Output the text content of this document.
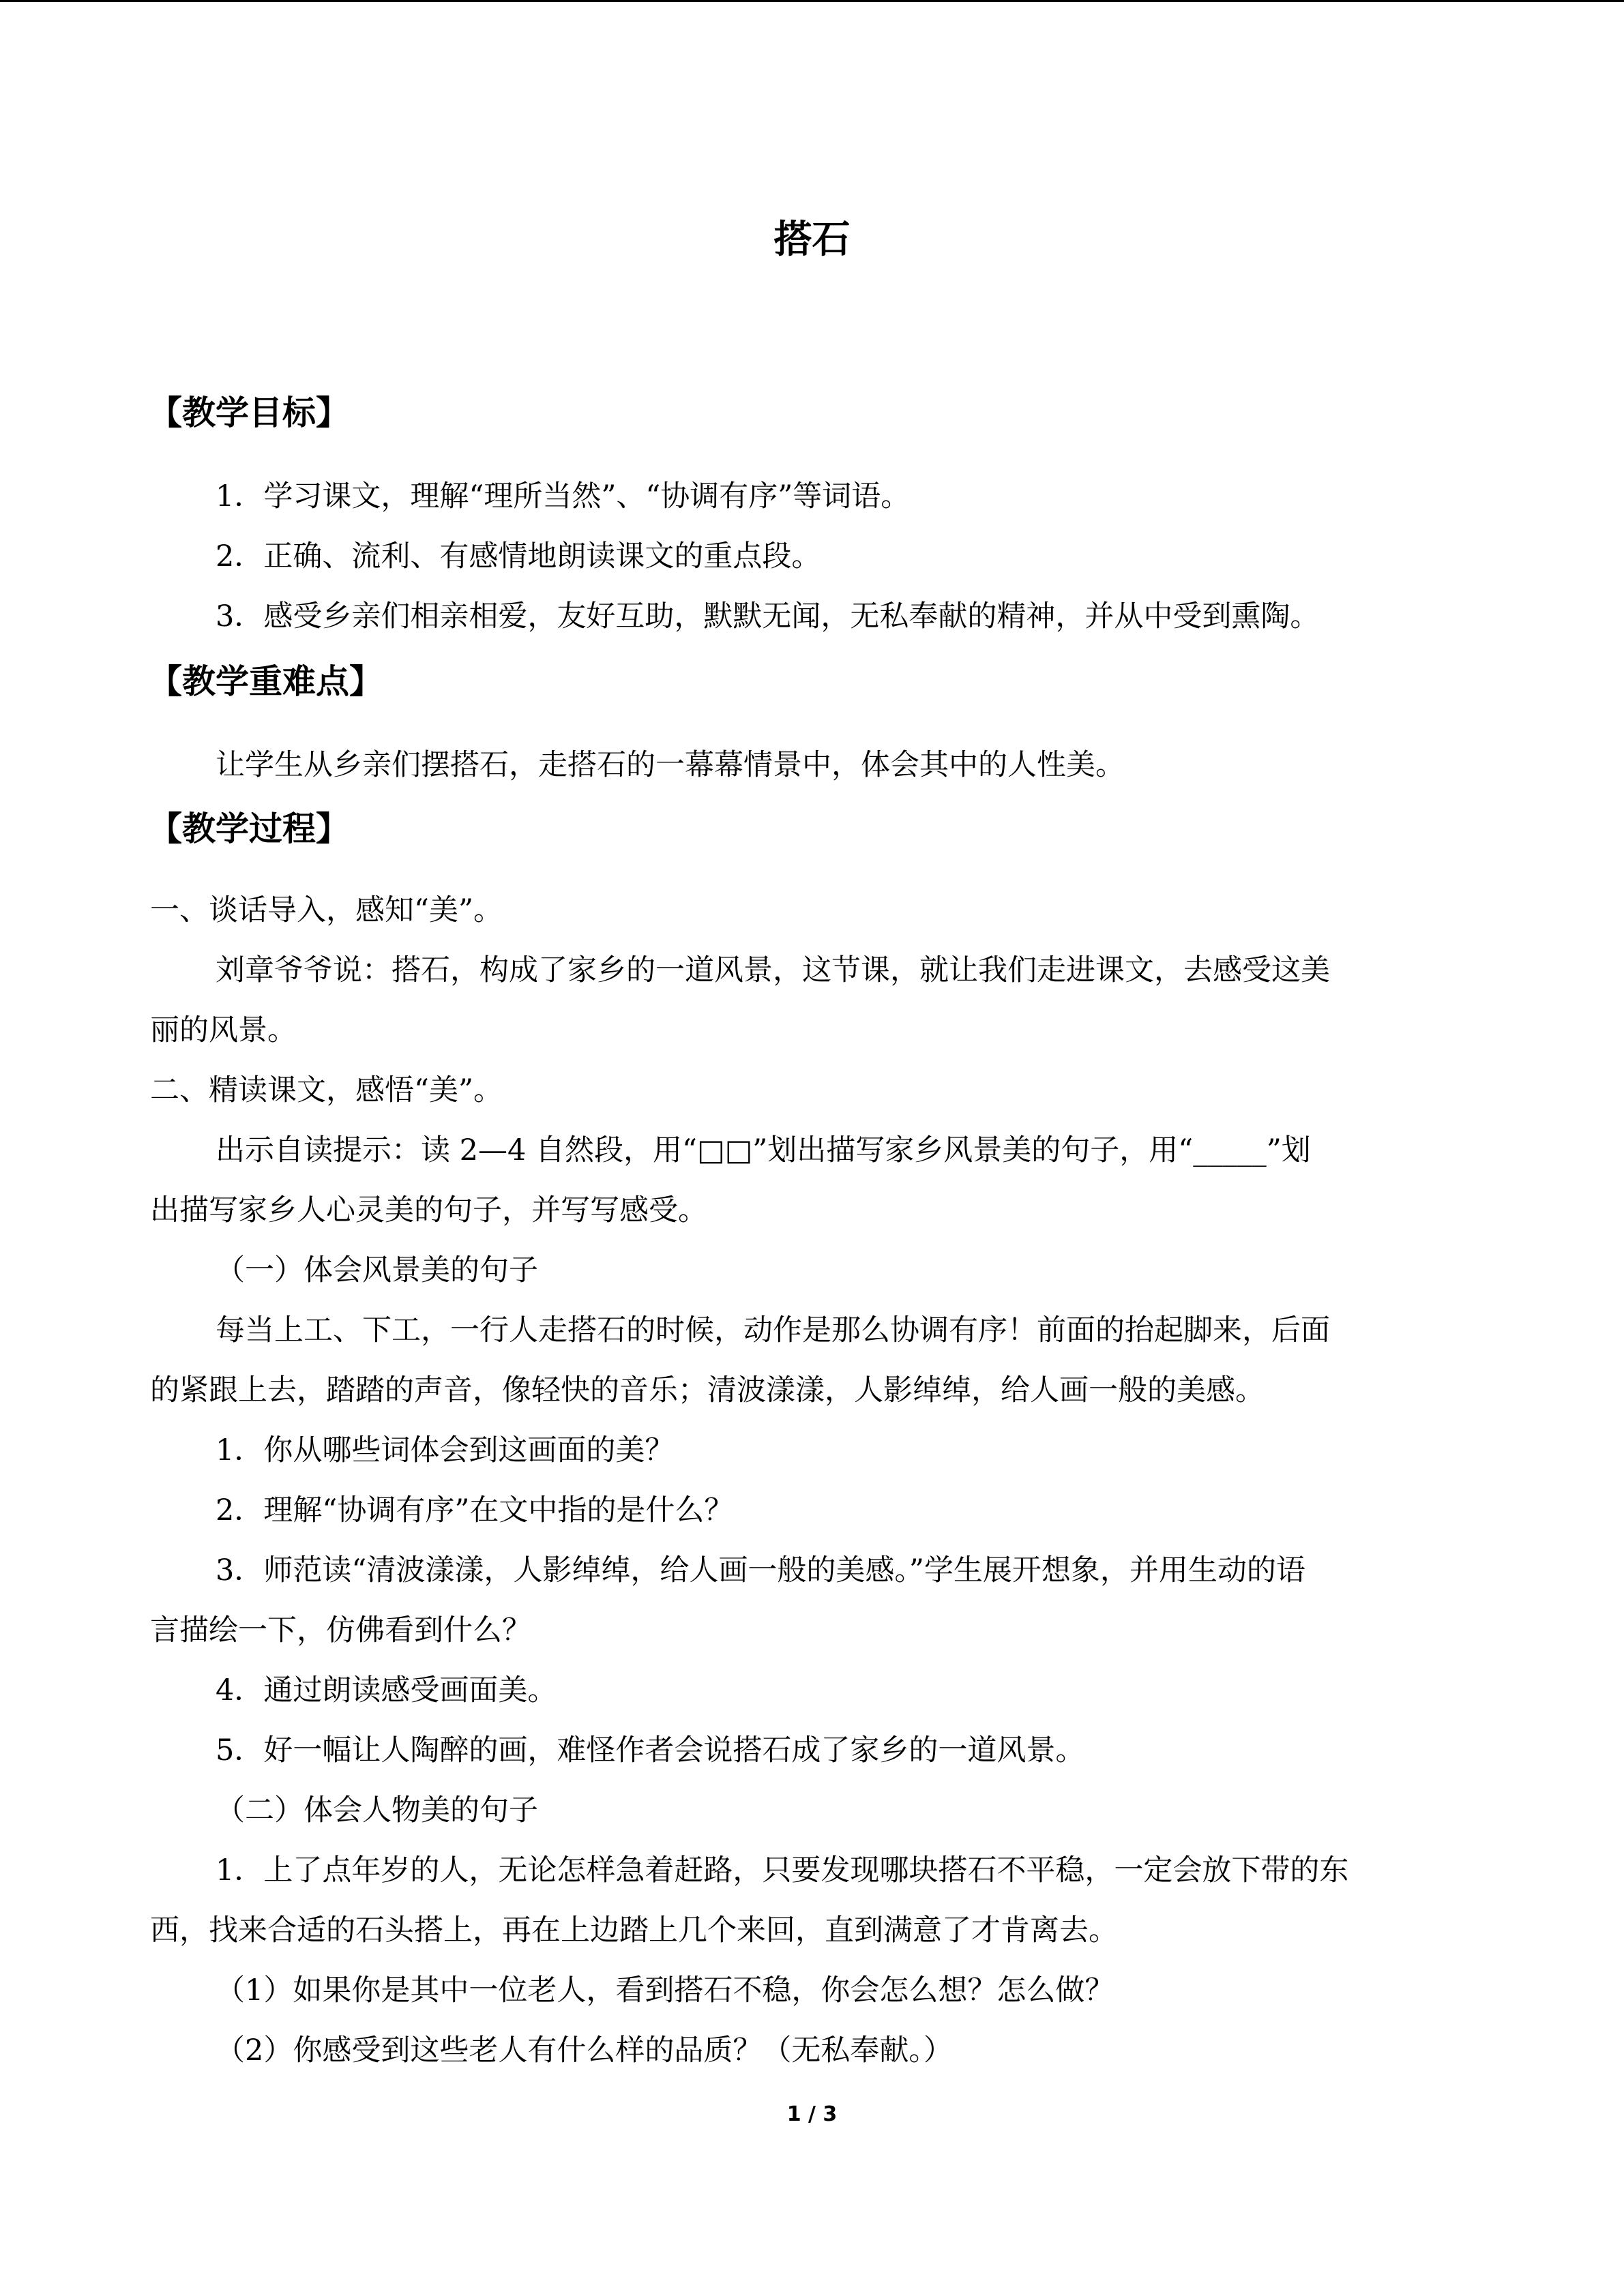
搭石
【教学目标】
1．学习课文，理解“理所当然”、“协调有序”等词语。
2．正确、流利、有感情地朗读课文的重点段。
3．感受乡亲们相亲相爱，友好互助，默默无闻，无私奉献的精神，并从中受到熏陶。
【教学重难点】
让学生从乡亲们摆搭石，走搭石的一幕幕情景中，体会其中的人性美。
【教学过程】
一、谈话导入，感知“美”。
刘章爷爷说：搭石，构成了家乡的一道风景，这节课，就让我们走进课文，去感受这美
丽的风景。
二、精读课文，感悟“美”。
出示自读提示：读 2—4 自然段，用“□□”划出描写家乡风景美的句子，用“_____”划
出描写家乡人心灵美的句子，并写写感受。
（一）体会风景美的句子
每当上工、下工，一行人走搭石的时候，动作是那么协调有序！前面的抬起脚来，后面
的紧跟上去，踏踏的声音，像轻快的音乐；清波漾漾，人影绰绰，给人画一般的美感。
1．你从哪些词体会到这画面的美？
2．理解“协调有序”在文中指的是什么？
3．师范读“清波漾漾，人影绰绰，给人画一般的美感。”学生展开想象，并用生动的语
言描绘一下，仿佛看到什么？
4．通过朗读感受画面美。
5．好一幅让人陶醉的画，难怪作者会说搭石成了家乡的一道风景。
（二）体会人物美的句子
1．上了点年岁的人，无论怎样急着赶路，只要发现哪块搭石不平稳，一定会放下带的东
西，找来合适的石头搭上，再在上边踏上几个来回，直到满意了才肯离去。
（1）如果你是其中一位老人，看到搭石不稳，你会怎么想？怎么做？
（2）你感受到这些老人有什么样的品质？（无私奉献。）
1 / 3
